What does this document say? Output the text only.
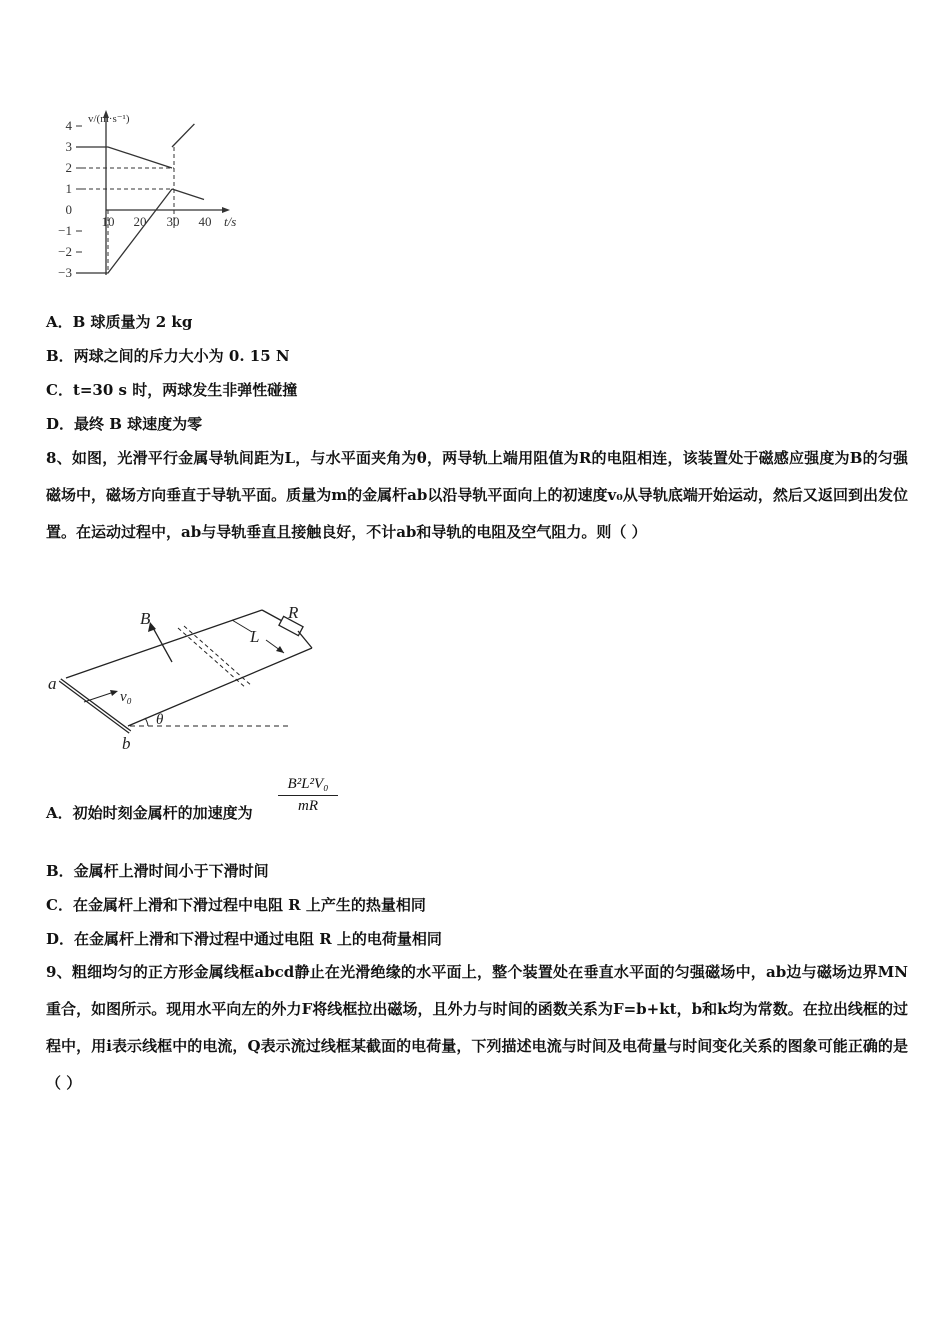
v/(m·s⁻¹)
t/s
4
3
2
1
0
−1
−2
−3
10 20 30 40
A．B 球质量为 2 kg
B．两球之间的斥力大小为 0. 15 N
C．t=30 s 时，两球发生非弹性碰撞
D．最终 B 球速度为零
8、如图，光滑平行金属导轨间距为L，与水平面夹角为θ，两导轨上端用阻值为R的电阻相连，该装置处于磁感应强度为B的匀强磁场中，磁场方向垂直于导轨平面。质量为m的金属杆ab以沿导轨平面向上的初速度v₀从导轨底端开始运动，然后又返回到出发位置。在运动过程中，ab与导轨垂直且接触良好，不计ab和导轨的电阻及空气阻力。则（ ）
L
R
B
a
b
v₀
θ
A．初始时刻金属杆的加速度为 $\frac{\text{B²L²V₀}}{mR}$
B．金属杆上滑时间小于下滑时间
C．在金属杆上滑和下滑过程中电阻 R 上产生的热量相同
D．在金属杆上滑和下滑过程中通过电阻 R 上的电荷量相同
9、粗细均匀的正方形金属线框abcd静止在光滑绝缘的水平面上，整个装置处在垂直水平面的匀强磁场中，ab边与磁场边界MN重合，如图所示。现用水平向左的外力F将线框拉出磁场，且外力与时间的函数关系为F=b+kt，b和k均为常数。在拉出线框的过程中，用i表示线框中的电流，Q表示流过线框某截面的电荷量，下列描述电流与时间及电荷量与时间变化关系的图象可能正确的是（ ）
